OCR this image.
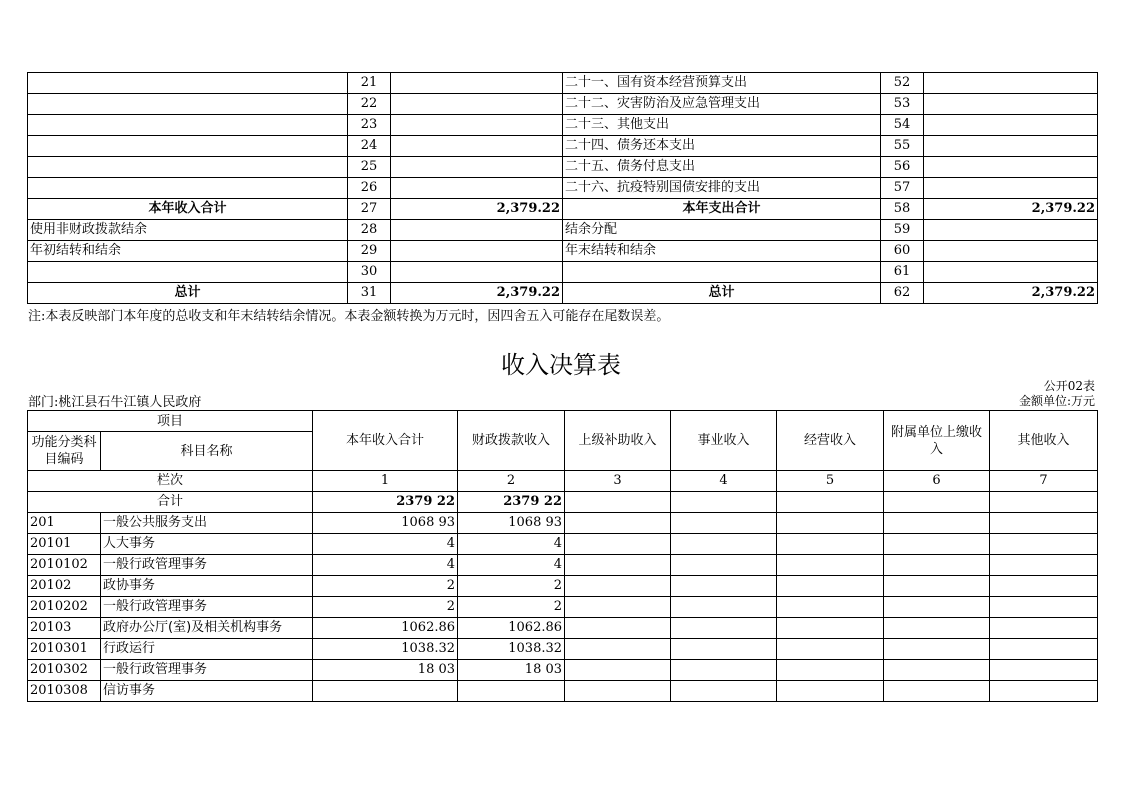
	21		二十一、国有资本经营预算支出	52	
	22		二十二、灾害防治及应急管理支出	53	
	23		二十三、其他支出	54	
	24		二十四、债务还本支出	55	
	25		二十五、债务付息支出	56	
	26		二十六、抗疫特别国债安排的支出	57	
本年收入合计	27	2,379.22	本年支出合计	58	2,379.22
使用非财政拨款结余	28		结余分配	59	
年初结转和结余	29		年末结转和结余	60	
	30			61	
总计	31	2,379.22	总计	62	2,379.22
注:本表反映部门本年度的总收支和年末结转结余情况。本表金额转换为万元时，因四舍五入可能存在尾数误差。
收入决算表
公开02表
部门:桃江县石牛江镇人民政府	金额单位:万元
项目		本年收入合计	财政拨款收入	上级补助收入	事业收入	经营收入	附属单位上缴收入	其他收入
功能分类科目编码	科目名称							
栏次		1	2	3	4	5	6	7
合计		2379 22	2379 22					
201	一般公共服务支出	1068 93	1068 93					
20101	人大事务	4	4					
2010102	一般行政管理事务	4	4					
20102	政协事务	2	2					
2010202	一般行政管理事务	2	2					
20103	政府办公厅(室)及相关机构事务	1062.86	1062.86					
2010301	行政运行	1038.32	1038.32					
2010302	一般行政管理事务	18 03	18 03					
2010308	信访事务							
